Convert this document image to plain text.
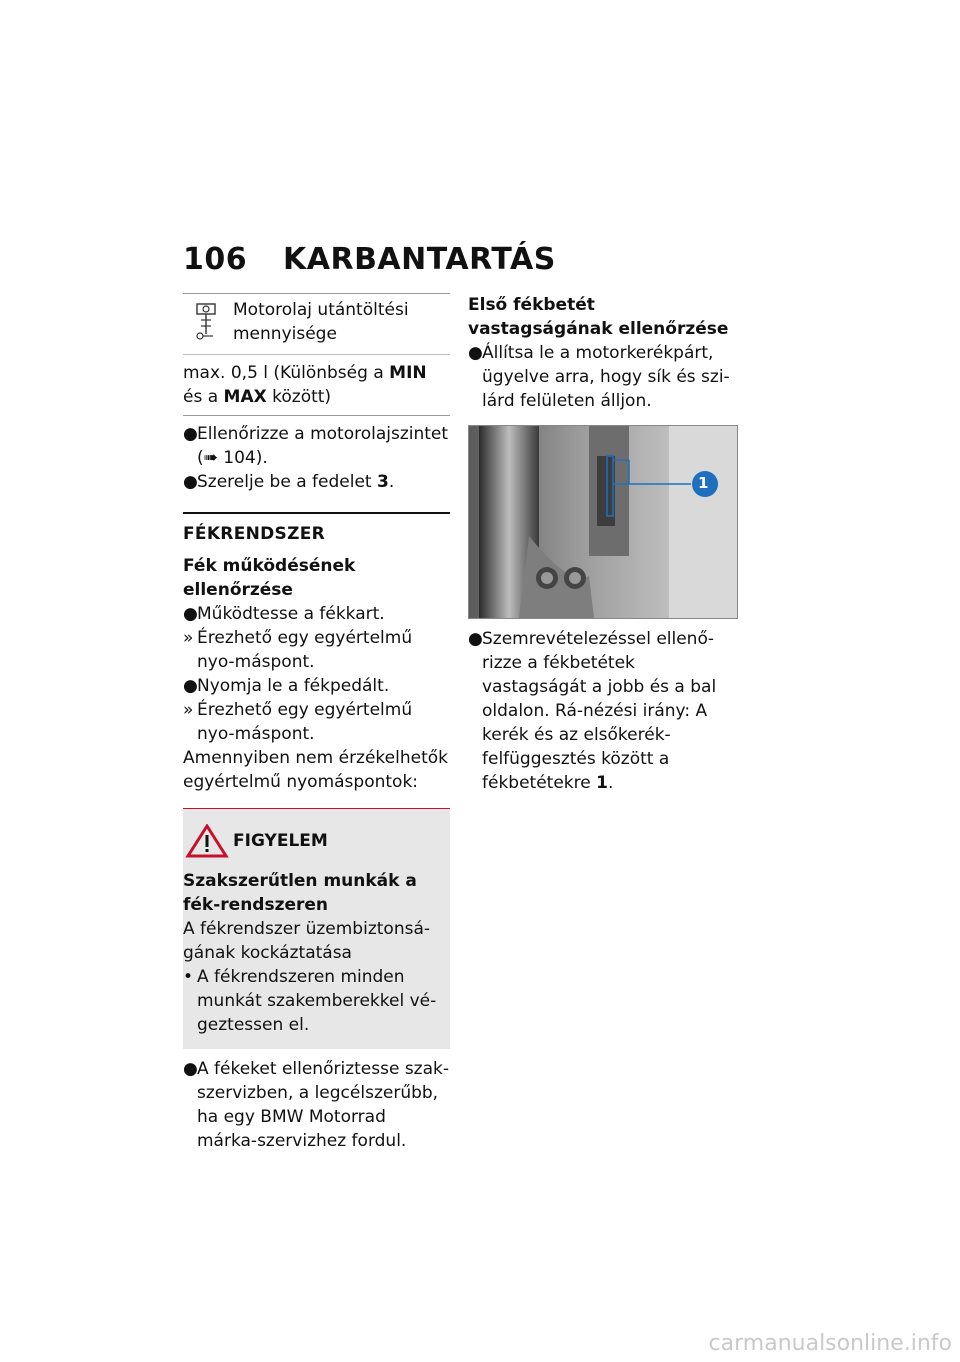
106 KARBANTARTÁS
Motorolaj utántöltési mennyisége
max. 0,5 l (Különbség a MIN és a MAX között)
● Ellenőrizze a motorolajszintet
(➠ 104).
● Szerelje be a fedelet 3.
FÉKRENDSZER
Fék működésének ellenőrzése
● Működtesse a fékkart.
» Érezhető egy egyértelmű nyo-máspont.
● Nyomja le a fékpedált.
» Érezhető egy egyértelmű nyo-máspont.

Amennyiben nem érzékelhetők egyértelmű nyomáspontok:

FIGYELEM

Szakszerűtlen munkák a fék-rendszeren

A fékrendszer üzembiztonsá-gának kockáztatása

• A fékrendszeren minden munkát szakemberekkel vé-geztessen el.
● A fékeket ellenőriztesse szak-szervizben, a legcélszerűbb, ha egy BMW Motorrad márka-szervizhez fordul.
Első fékbetét vastagságának ellenőrzése
● Állítsa le a motorkerékpárt, ügyelve arra, hogy sík és szi-lárd felületen álljon.
1
● Szemrevételezéssel ellenő-rizze a fékbetétek vastagságát a jobb és a bal oldalon. Rá-nézési irány: A kerék és az elsőkerék-felfüggesztés között a fékbetétekre 1.
carmanualsonline.info
